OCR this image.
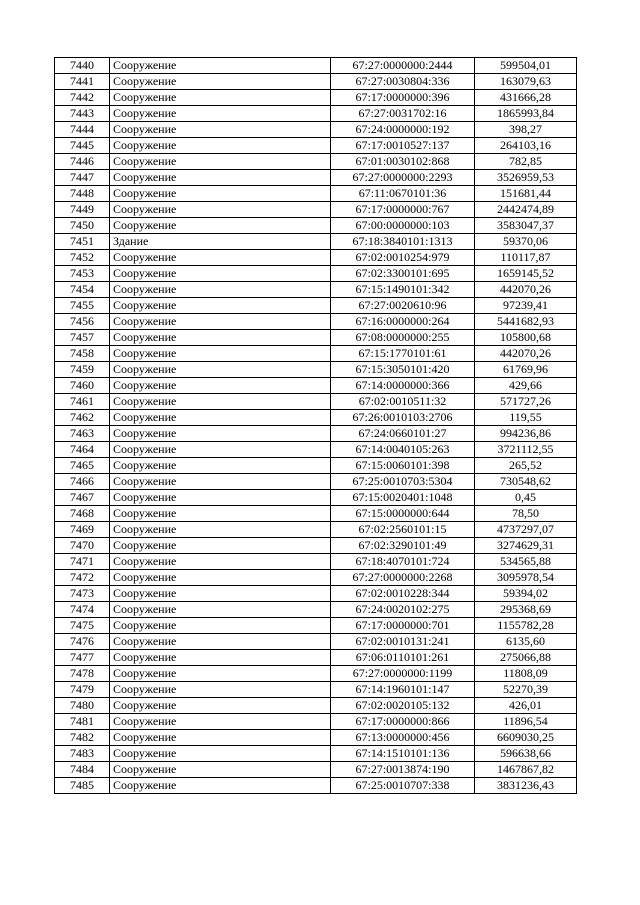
7440	Сооружение	67:27:0000000:2444	599504,01
7441	Сооружение	67:27:0030804:336	163079,63
7442	Сооружение	67:17:0000000:396	431666,28
7443	Сооружение	67:27:0031702:16	1865993,84
7444	Сооружение	67:24:0000000:192	398,27
7445	Сооружение	67:17:0010527:137	264103,16
7446	Сооружение	67:01:0030102:868	782,85
7447	Сооружение	67:27:0000000:2293	3526959,53
7448	Сооружение	67:11:0670101:36	151681,44
7449	Сооружение	67:17:0000000:767	2442474,89
7450	Сооружение	67:00:0000000:103	3583047,37
7451	Здание	67:18:3840101:1313	59370,06
7452	Сооружение	67:02:0010254:979	110117,87
7453	Сооружение	67:02:3300101:695	1659145,52
7454	Сооружение	67:15:1490101:342	442070,26
7455	Сооружение	67:27:0020610:96	97239,41
7456	Сооружение	67:16:0000000:264	5441682,93
7457	Сооружение	67:08:0000000:255	105800,68
7458	Сооружение	67:15:1770101:61	442070,26
7459	Сооружение	67:15:3050101:420	61769,96
7460	Сооружение	67:14:0000000:366	429,66
7461	Сооружение	67:02:0010511:32	571727,26
7462	Сооружение	67:26:0010103:2706	119,55
7463	Сооружение	67:24:0660101:27	994236,86
7464	Сооружение	67:14:0040105:263	3721112,55
7465	Сооружение	67:15:0060101:398	265,52
7466	Сооружение	67:25:0010703:5304	730548,62
7467	Сооружение	67:15:0020401:1048	0,45
7468	Сооружение	67:15:0000000:644	78,50
7469	Сооружение	67:02:2560101:15	4737297,07
7470	Сооружение	67:02:3290101:49	3274629,31
7471	Сооружение	67:18:4070101:724	534565,88
7472	Сооружение	67:27:0000000:2268	3095978,54
7473	Сооружение	67:02:0010228:344	59394,02
7474	Сооружение	67:24:0020102:275	295368,69
7475	Сооружение	67:17:0000000:701	1155782,28
7476	Сооружение	67:02:0010131:241	6135,60
7477	Сооружение	67:06:0110101:261	275066,88
7478	Сооружение	67:27:0000000:1199	11808,09
7479	Сооружение	67:14:1960101:147	52270,39
7480	Сооружение	67:02:0020105:132	426,01
7481	Сооружение	67:17:0000000:866	11896,54
7482	Сооружение	67:13:0000000:456	6609030,25
7483	Сооружение	67:14:1510101:136	596638,66
7484	Сооружение	67:27:0013874:190	1467867,82
7485	Сооружение	67:25:0010707:338	3831236,43
